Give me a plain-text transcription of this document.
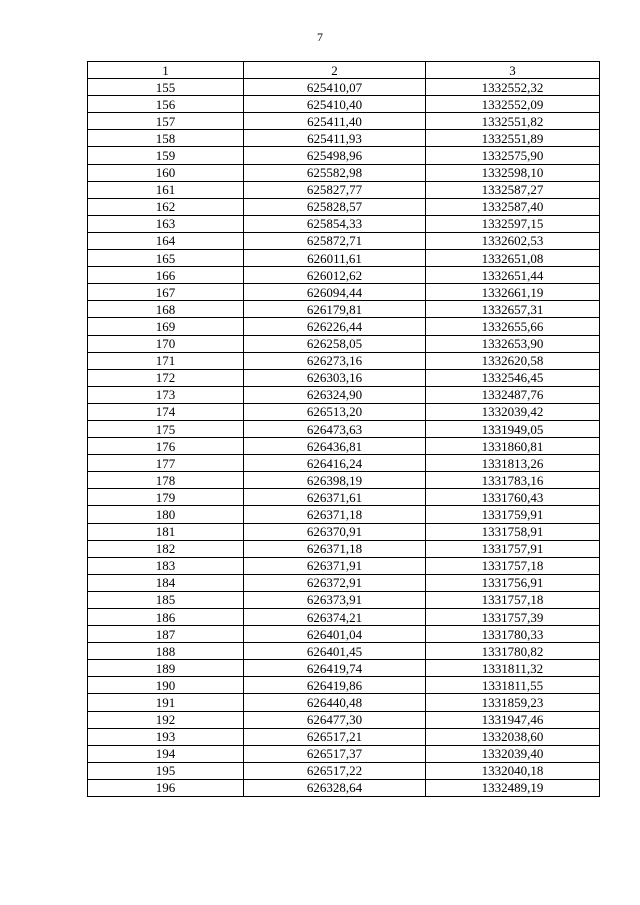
7
1	2	3
155	625410,07	1332552,32
156	625410,40	1332552,09
157	625411,40	1332551,82
158	625411,93	1332551,89
159	625498,96	1332575,90
160	625582,98	1332598,10
161	625827,77	1332587,27
162	625828,57	1332587,40
163	625854,33	1332597,15
164	625872,71	1332602,53
165	626011,61	1332651,08
166	626012,62	1332651,44
167	626094,44	1332661,19
168	626179,81	1332657,31
169	626226,44	1332655,66
170	626258,05	1332653,90
171	626273,16	1332620,58
172	626303,16	1332546,45
173	626324,90	1332487,76
174	626513,20	1332039,42
175	626473,63	1331949,05
176	626436,81	1331860,81
177	626416,24	1331813,26
178	626398,19	1331783,16
179	626371,61	1331760,43
180	626371,18	1331759,91
181	626370,91	1331758,91
182	626371,18	1331757,91
183	626371,91	1331757,18
184	626372,91	1331756,91
185	626373,91	1331757,18
186	626374,21	1331757,39
187	626401,04	1331780,33
188	626401,45	1331780,82
189	626419,74	1331811,32
190	626419,86	1331811,55
191	626440,48	1331859,23
192	626477,30	1331947,46
193	626517,21	1332038,60
194	626517,37	1332039,40
195	626517,22	1332040,18
196	626328,64	1332489,19
